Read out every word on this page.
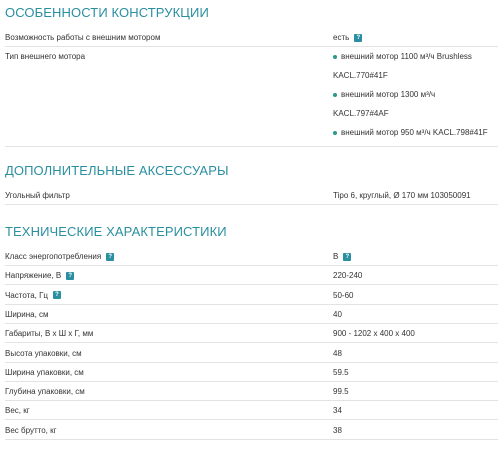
ОСОБЕННОСТИ КОНСТРУКЦИИ
Возможность работы с внешним мотором	есть	?
Тип внешнего мотора	внешний мотор 1100 м³/ч Brushless
KACL.770#41F
внешний мотор 1300 м³/ч
KACL.797#4AF
внешний мотор 950 м³/ч KACL.798#41F
ДОПОЛНИТЕЛЬНЫЕ АКСЕССУАРЫ
Угольный фильтр	Tipo 6, круглый, Ø 170 мм 103050091
ТЕХНИЧЕСКИЕ ХАРАКТЕРИСТИКИ
Класс энергопотребления	?	B	?
Напряжение, В	?	220-240
Частота, Гц	?	50-60
Ширина, см	40
Габариты, В x Ш x Г, мм	900 - 1202 x 400 x 400
Высота упаковки, см	48
Ширина упаковки, см	59.5
Глубина упаковки, см	99.5
Вес, кг	34
Вес брутто, кг	38
